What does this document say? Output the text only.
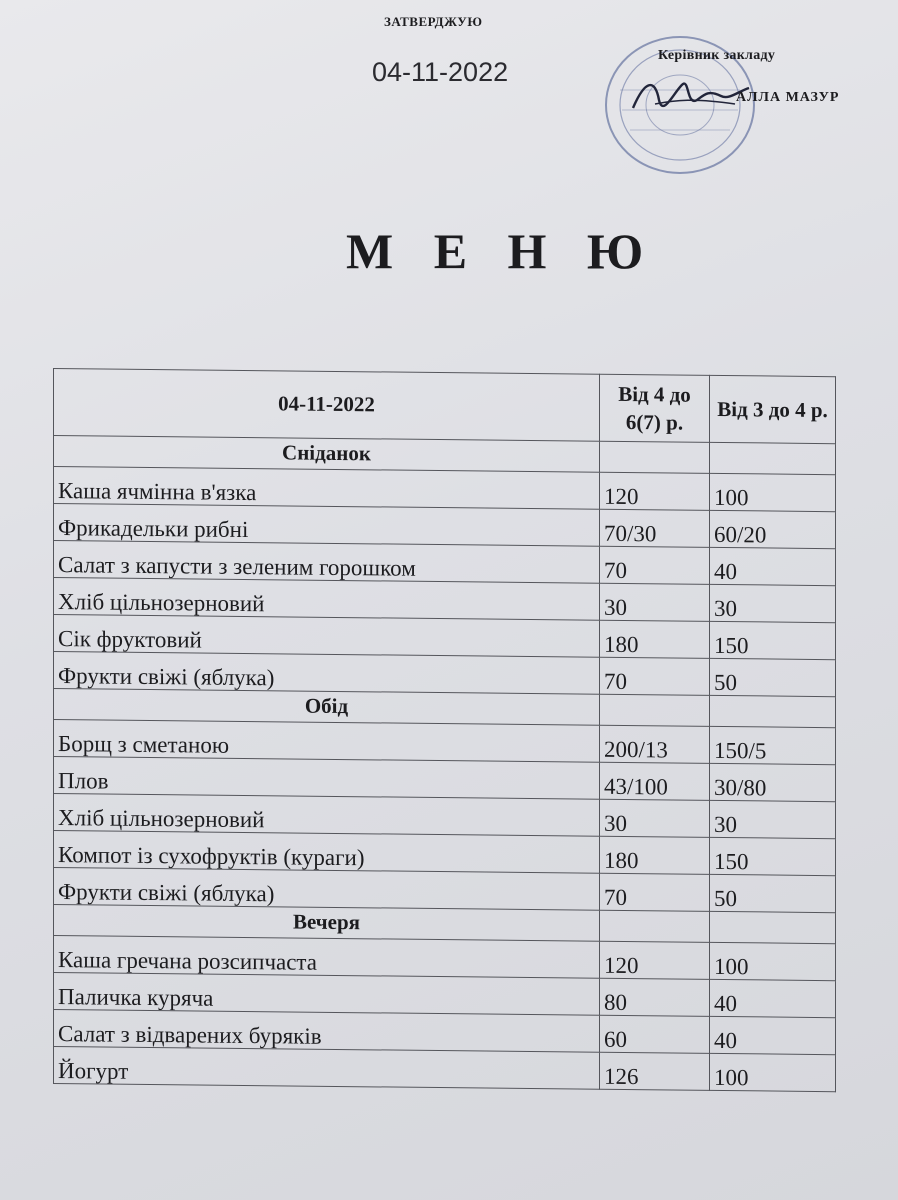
ЗАТВЕРДЖУЮ
04-11-2022
Керівник закладу
АЛЛА МАЗУР
М Е Н Ю
04-11-2022	Від 4 до 6(7) р.	Від 3 до 4 р.
Сніданок		
Каша ячмінна в'язка	120	100
Фрикадельки рибні	70/30	60/20
Салат з капусти з зеленим горошком	70	40
Хліб цільнозерновий	30	30
Сік фруктовий	180	150
Фрукти свіжі (яблука)	70	50
Обід		
Борщ з сметаною	200/13	150/5
Плов	43/100	30/80
Хліб цільнозерновий	30	30
Компот із сухофруктів (кураги)	180	150
Фрукти свіжі (яблука)	70	50
Вечеря		
Каша гречана розсипчаста	120	100
Паличка куряча	80	40
Салат з відварених буряків	60	40
Йогурт	126	100
